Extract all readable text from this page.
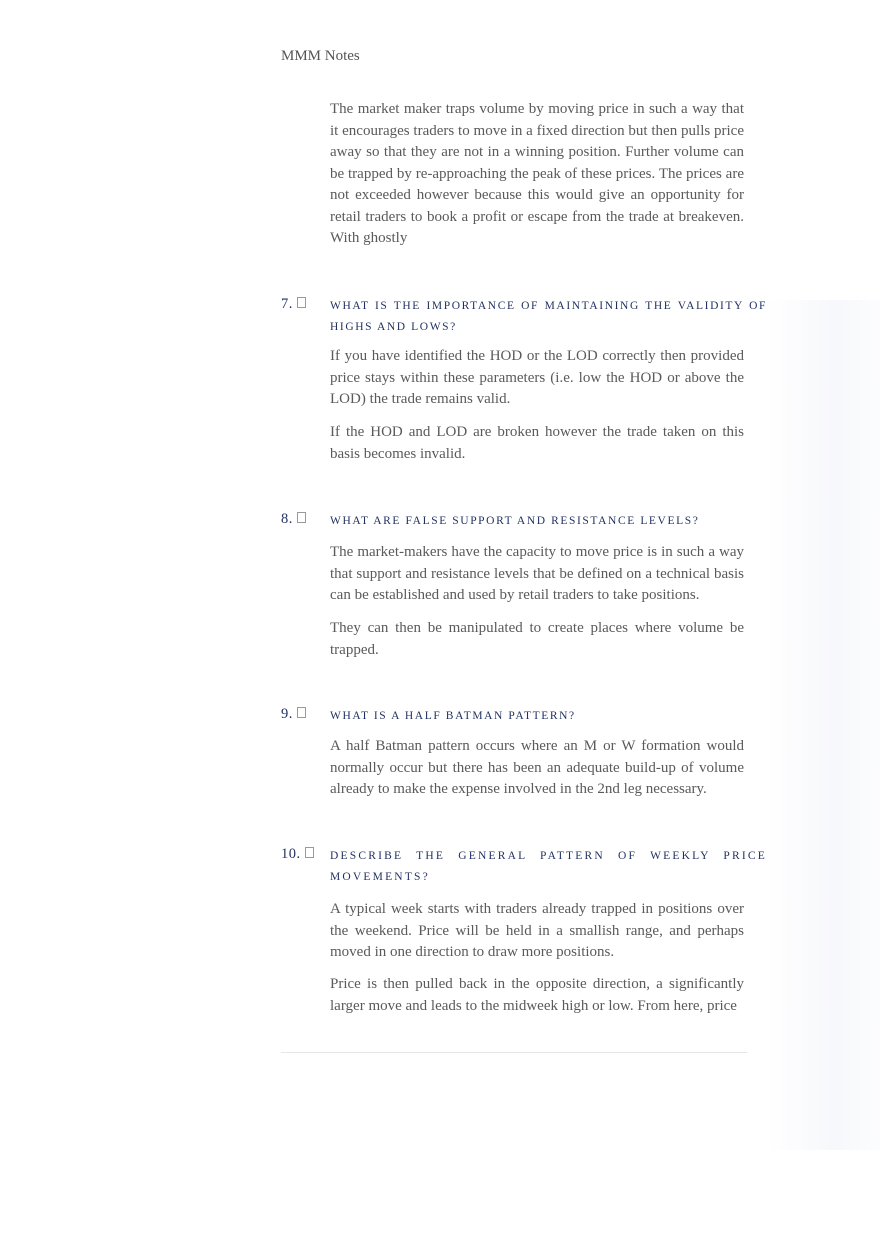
MMM Notes

The market maker traps volume by moving price in such a way that it encourages traders to move in a fixed direction but then pulls price away so that they are not in a winning position. Further volume can be trapped by re-approaching the peak of these prices. The prices are not exceeded however because this would give an opportunity for retail traders to book a profit or escape from the trade at breakeven. With ghostly

7.	WHAT IS THE IMPORTANCE OF MAINTAINING THE VALIDITY OF HIGHS AND LOWS?

If you have identified the HOD or the LOD correctly then provided price stays within these parameters (i.e. low the HOD or above the LOD) the trade remains valid.

If the HOD and LOD are broken however the trade taken on this basis becomes invalid.

8.	WHAT ARE FALSE SUPPORT AND RESISTANCE LEVELS?

The market-makers have the capacity to move price is in such a way that support and resistance levels that be defined on a technical basis can be established and used by retail traders to take positions.

They can then be manipulated to create places where volume be trapped.

9.	WHAT IS A HALF BATMAN PATTERN?

A half Batman pattern occurs where an M or W formation would normally occur but there has been an adequate build-up of volume already to make the expense involved in the 2nd leg necessary.

10.	DESCRIBE THE GENERAL PATTERN OF WEEKLY PRICE MOVEMENTS?

A typical week starts with traders already trapped in positions over the weekend. Price will be held in a smallish range, and perhaps moved in one direction to draw more positions.

Price is then pulled back in the opposite direction, a significantly larger move and leads to the midweek high or low. From here, price
